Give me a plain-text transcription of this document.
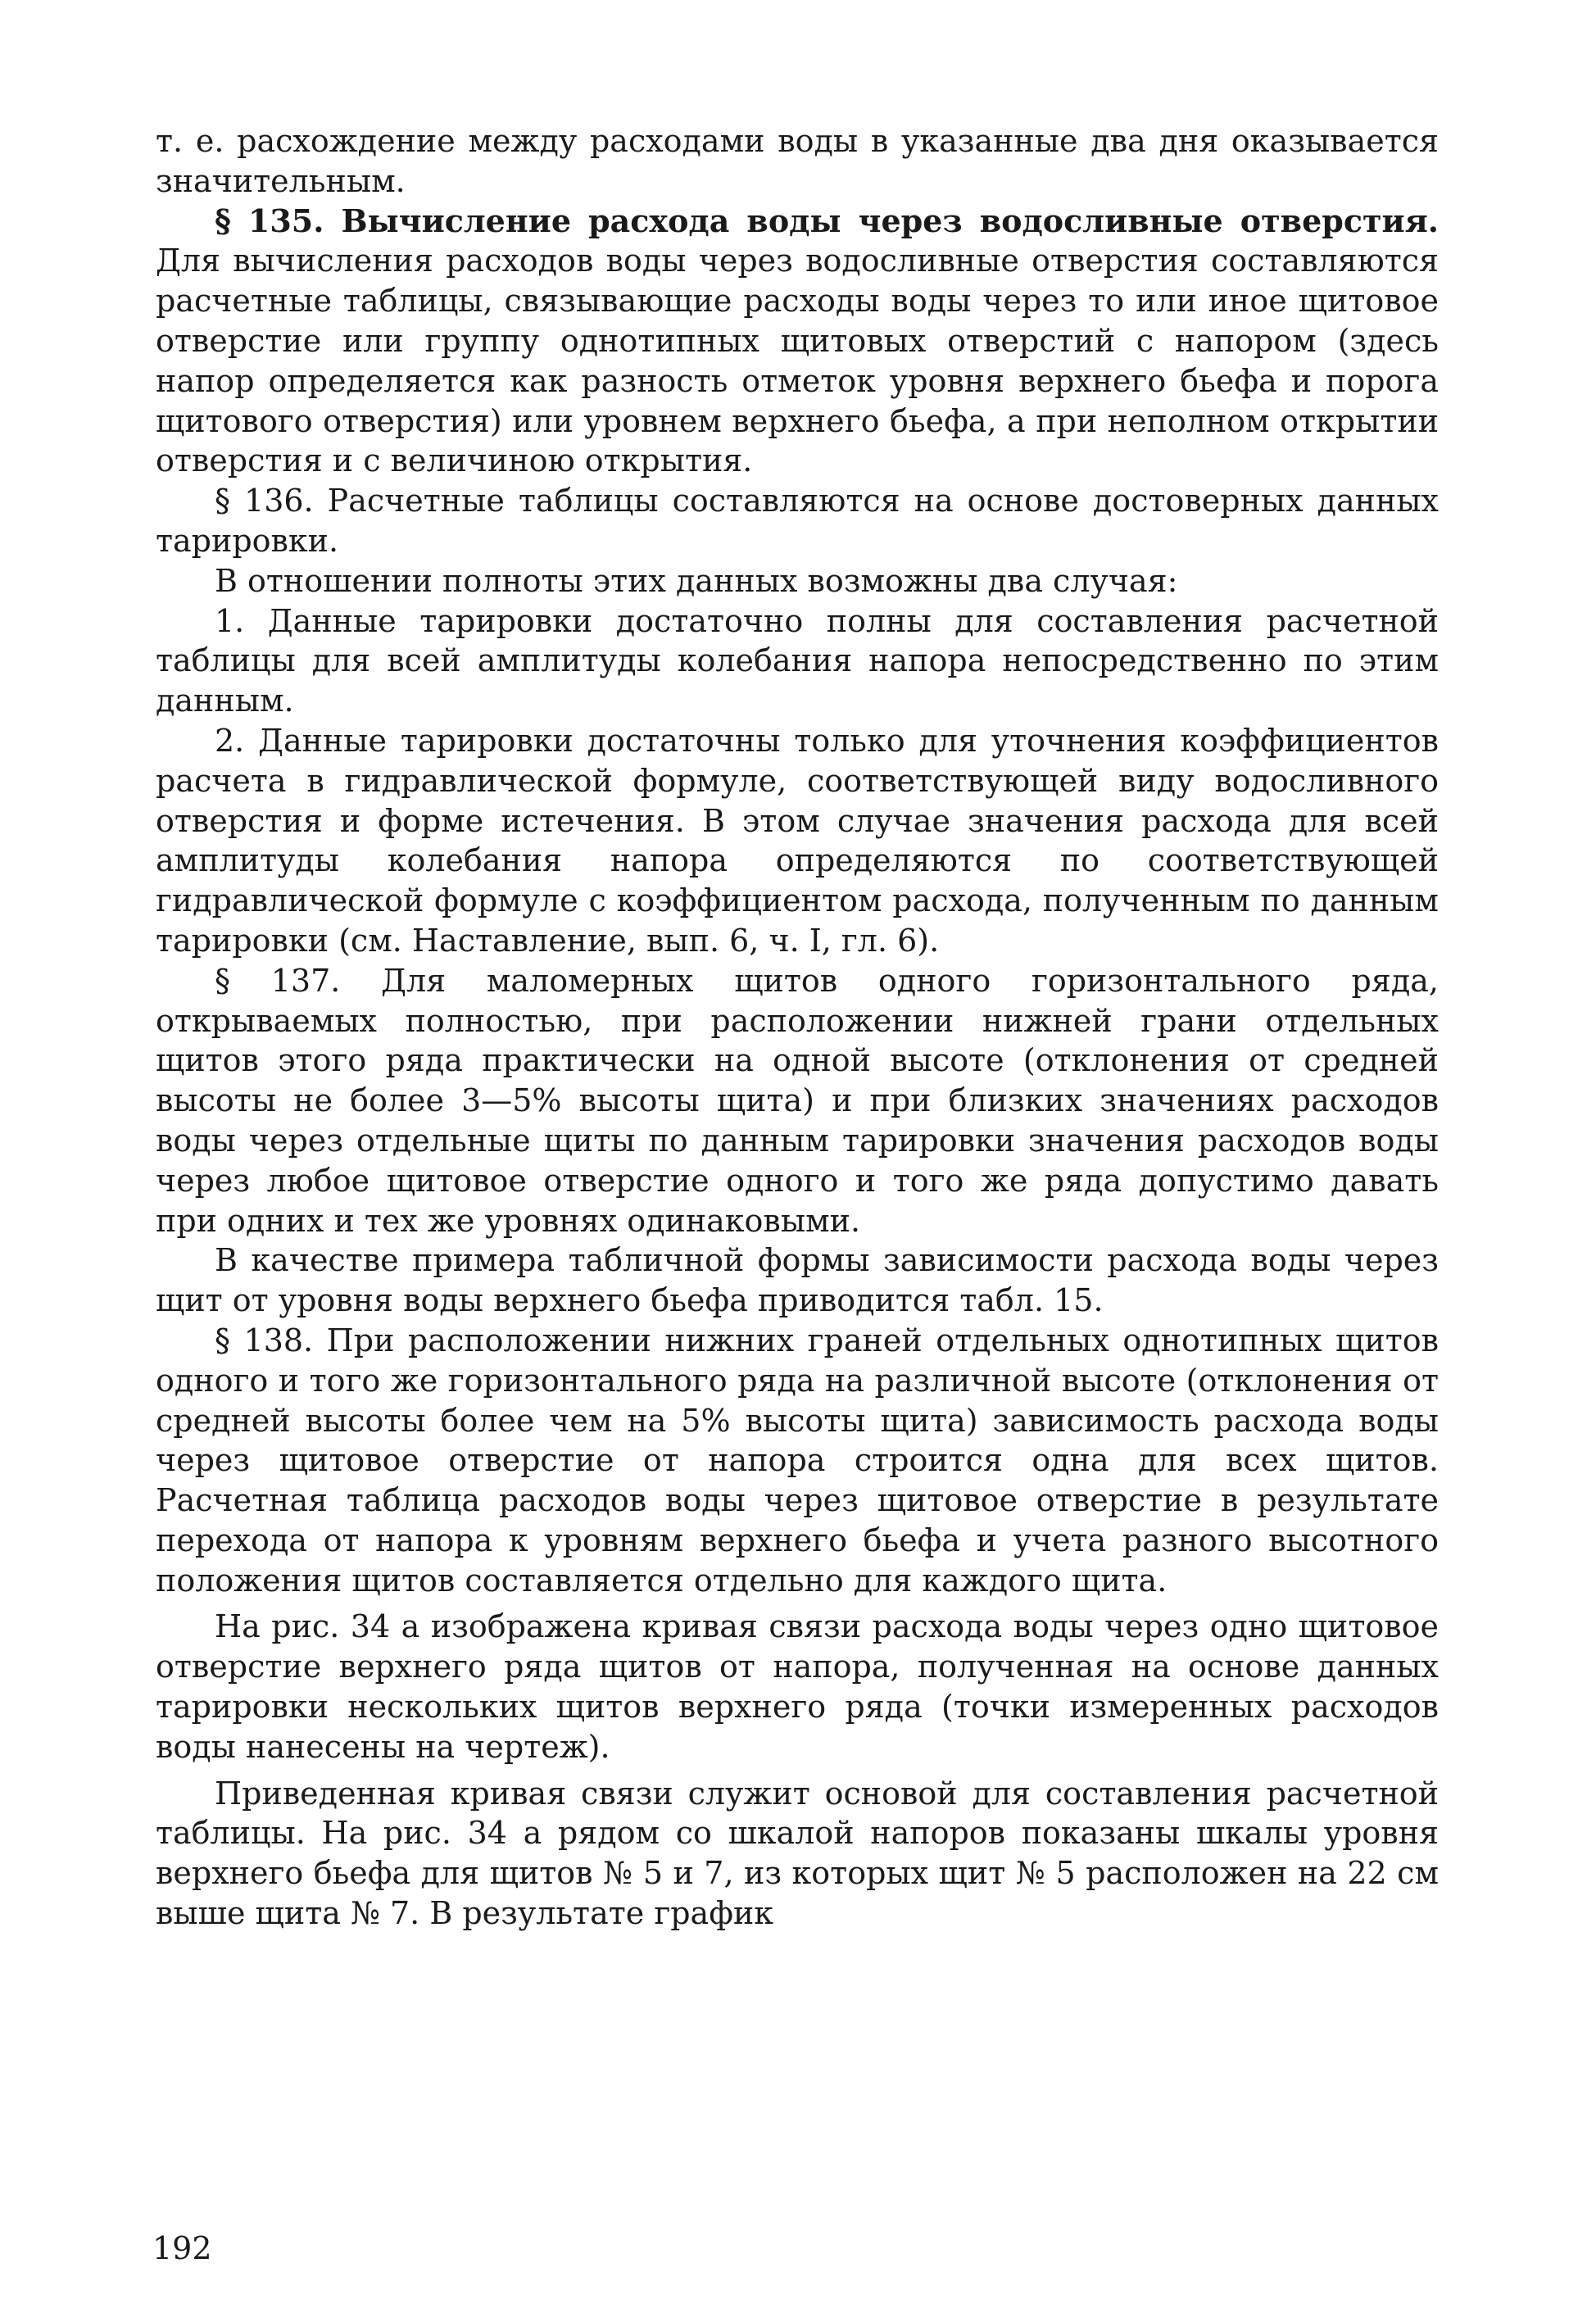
т. е. расхождение между расходами воды в указанные два дня оказывается значительным.

§ 135. Вычисление расхода воды через водосливные отверстия. Для вычисления расходов воды через водосливные отверстия составляются расчетные таблицы, связывающие расходы воды через то или иное щитовое отверстие или группу однотипных щитовых отверстий с напором (здесь напор определяется как разность отметок уровня верхнего бьефа и порога щитового отверстия) или уровнем верхнего бьефа, а при неполном открытии отверстия и с величиною открытия.

§ 136. Расчетные таблицы составляются на основе достоверных данных тарировки.

В отношении полноты этих данных возможны два случая:

1. Данные тарировки достаточно полны для составления расчетной таблицы для всей амплитуды колебания напора непосредственно по этим данным.

2. Данные тарировки достаточны только для уточнения коэффициентов расчета в гидравлической формуле, соответствующей виду водосливного отверстия и форме истечения. В этом случае значения расхода для всей амплитуды колебания напора определяются по соответствующей гидравлической формуле с коэффициентом расхода, полученным по данным тарировки (см. Наставление, вып. 6, ч. I, гл. 6).

§ 137. Для маломерных щитов одного горизонтального ряда, открываемых полностью, при расположении нижней грани отдельных щитов этого ряда практически на одной высоте (отклонения от средней высоты не более 3—5% высоты щита) и при близких значениях расходов воды через отдельные щиты по данным тарировки значения расходов воды через любое щитовое отверстие одного и того же ряда допустимо давать при одних и тех же уровнях одинаковыми.

В качестве примера табличной формы зависимости расхода воды через щит от уровня воды верхнего бьефа приводится табл. 15.

§ 138. При расположении нижних граней отдельных однотипных щитов одного и того же горизонтального ряда на различной высоте (отклонения от средней высоты более чем на 5% высоты щита) зависимость расхода воды через щитовое отверстие от напора строится одна для всех щитов. Расчетная таблица расходов воды через щитовое отверстие в результате перехода от напора к уровням верхнего бьефа и учета разного высотного положения щитов составляется отдельно для каждого щита.

На рис. 34 а изображена кривая связи расхода воды через одно щитовое отверстие верхнего ряда щитов от напора, полученная на основе данных тарировки нескольких щитов верхнего ряда (точки измеренных расходов воды нанесены на чертеж).

Приведенная кривая связи служит основой для составления расчетной таблицы. На рис. 34 а рядом со шкалой напоров показаны шкалы уровня верхнего бьефа для щитов № 5 и 7, из которых щит № 5 расположен на 22 см выше щита № 7. В результате график

192
